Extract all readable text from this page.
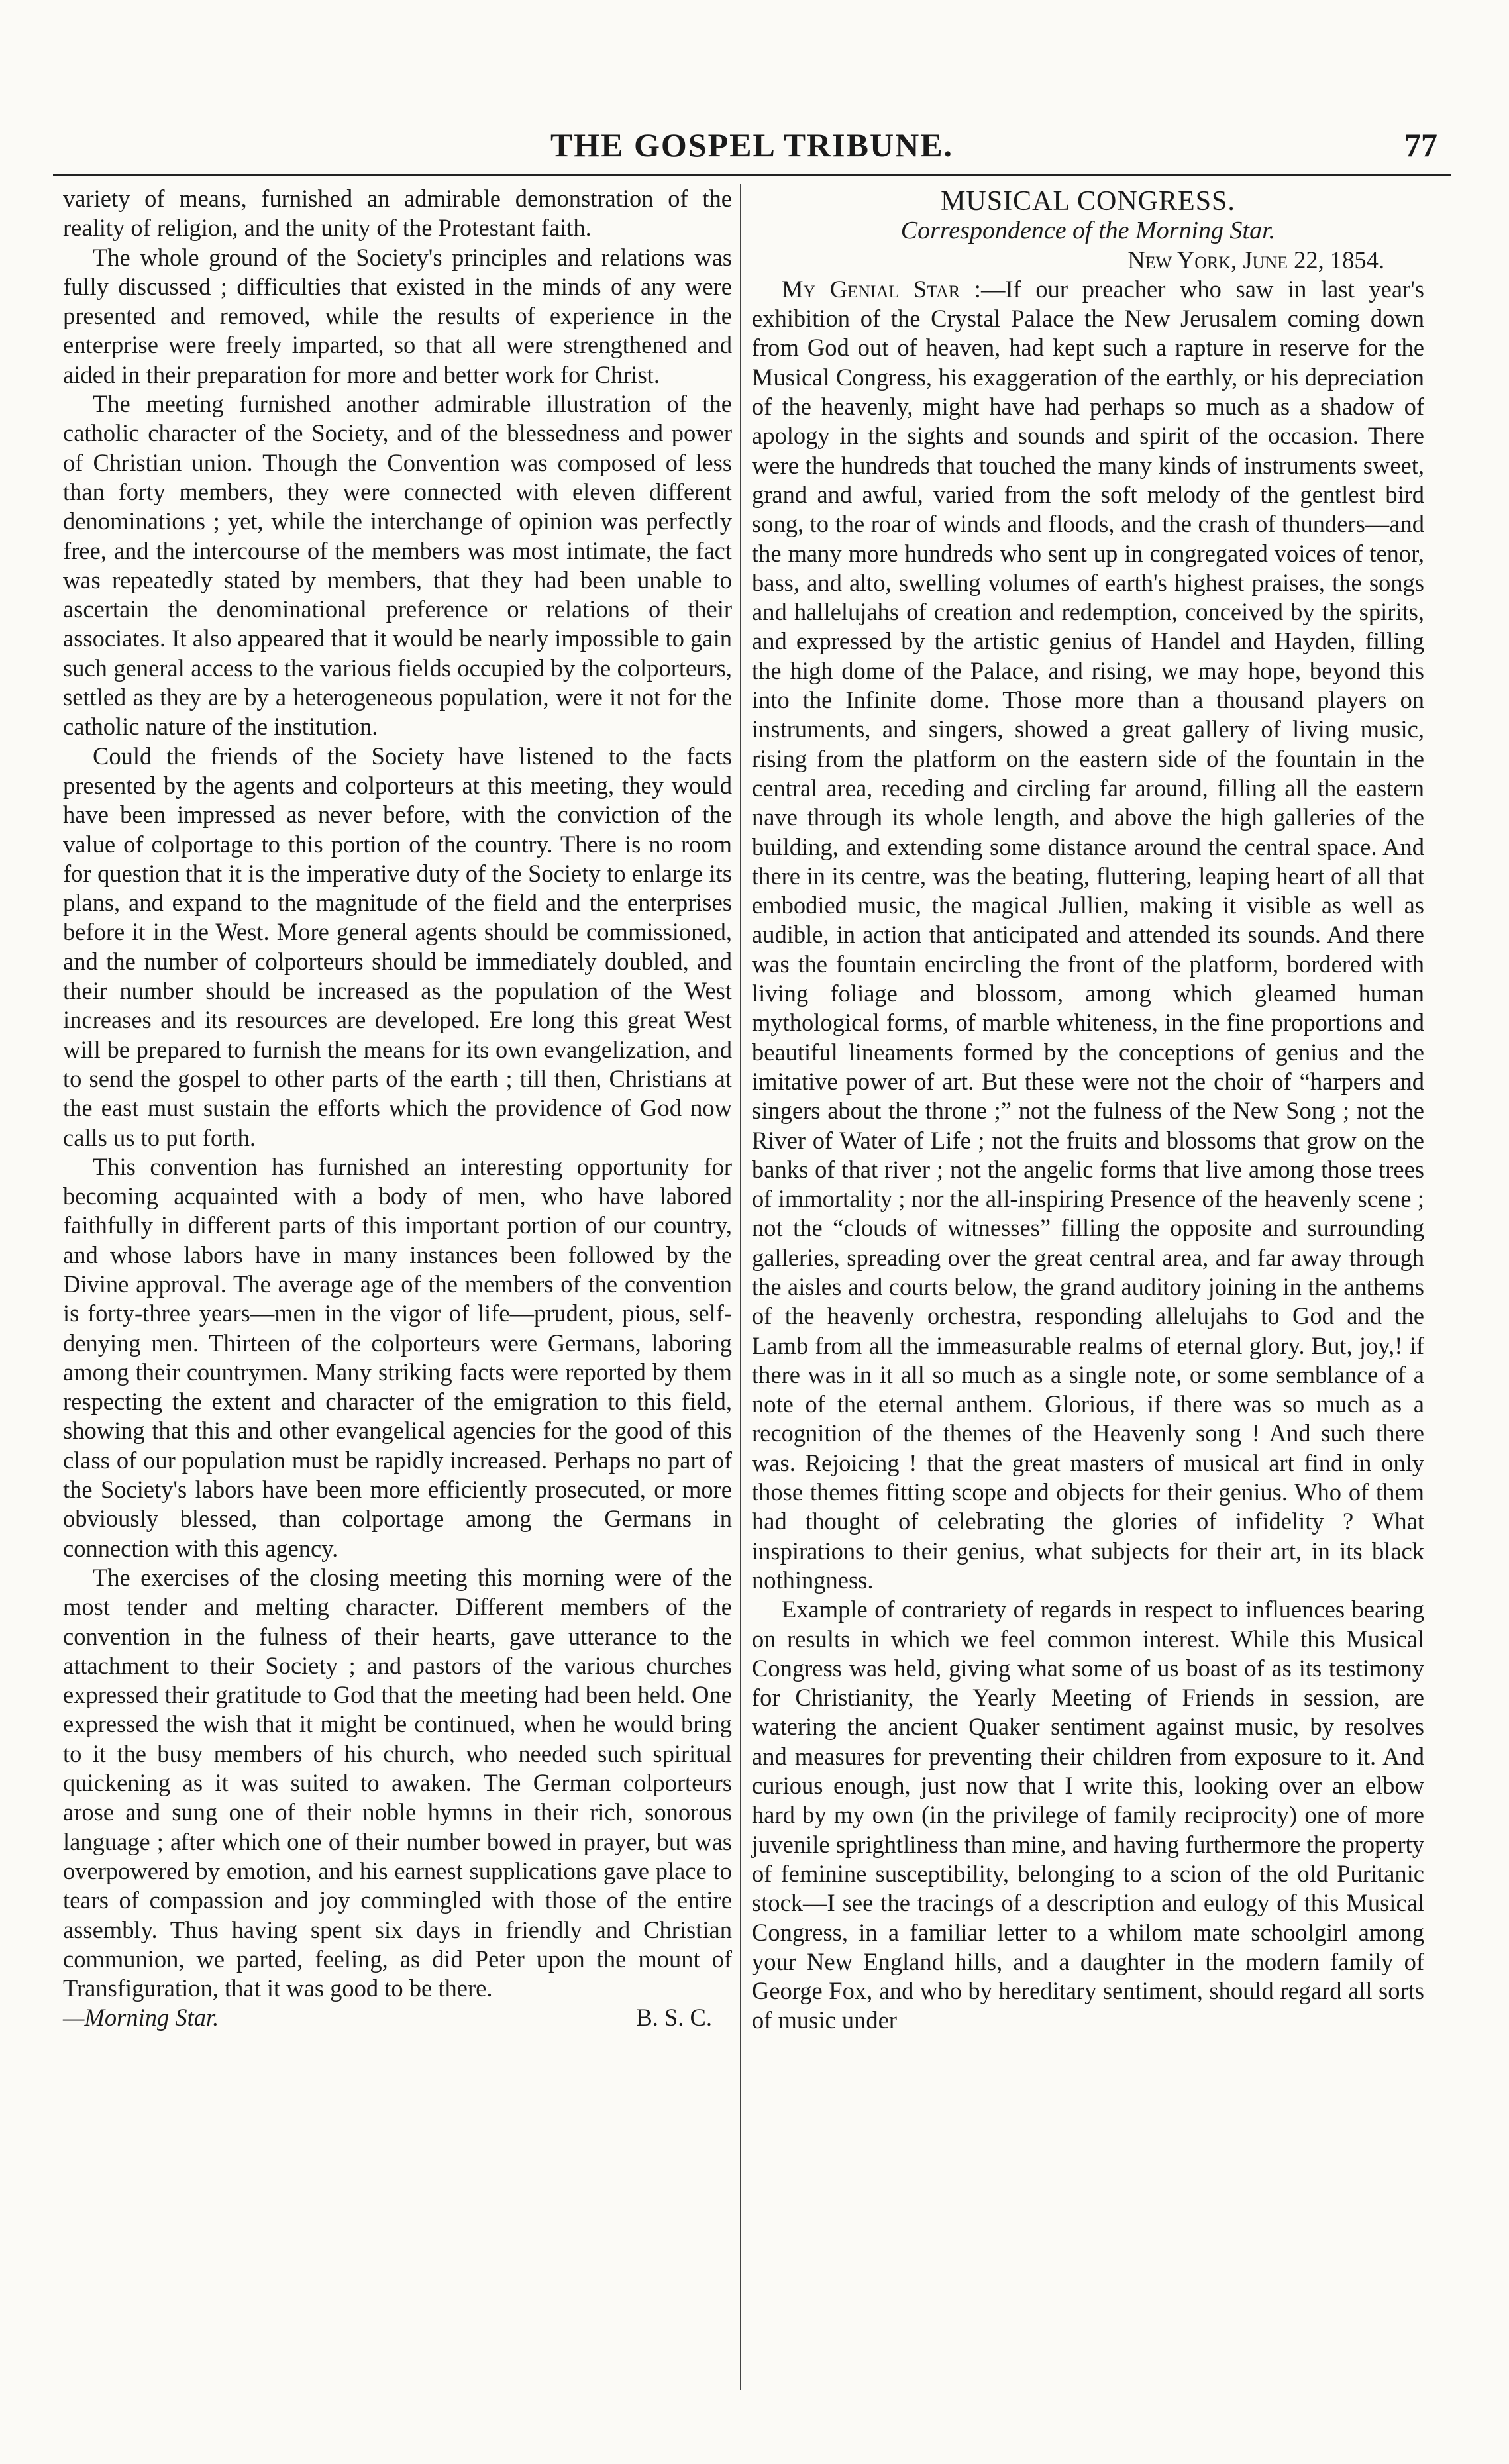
THE GOSPEL TRIBUNE.	77

variety of means, furnished an admirable demonstration of the reality of religion, and the unity of the Protestant faith.

The whole ground of the Society's principles and relations was fully discussed ; difficulties that existed in the minds of any were presented and removed, while the results of experience in the enterprise were freely imparted, so that all were strengthened and aided in their preparation for more and better work for Christ.

The meeting furnished another admirable illustration of the catholic character of the Society, and of the blessedness and power of Christian union. Though the Convention was composed of less than forty members, they were connected with eleven different denominations ; yet, while the interchange of opinion was perfectly free, and the intercourse of the members was most intimate, the fact was repeatedly stated by members, that they had been unable to ascertain the denominational preference or relations of their associates. It also appeared that it would be nearly impossible to gain such general access to the various fields occupied by the colporteurs, settled as they are by a heterogeneous population, were it not for the catholic nature of the institution.

Could the friends of the Society have listened to the facts presented by the agents and colporteurs at this meeting, they would have been impressed as never before, with the conviction of the value of colportage to this portion of the country. There is no room for question that it is the imperative duty of the Society to enlarge its plans, and expand to the magnitude of the field and the enterprises before it in the West. More general agents should be commissioned, and the number of colporteurs should be immediately doubled, and their number should be increased as the population of the West increases and its resources are developed. Ere long this great West will be prepared to furnish the means for its own evangelization, and to send the gospel to other parts of the earth ; till then, Christians at the east must sustain the efforts which the providence of God now calls us to put forth.

This convention has furnished an interesting opportunity for becoming acquainted with a body of men, who have labored faithfully in different parts of this important portion of our country, and whose labors have in many instances been followed by the Divine approval. The average age of the members of the convention is forty-three years—men in the vigor of life—prudent, pious, self-denying men. Thirteen of the colporteurs were Germans, laboring among their countrymen. Many striking facts were reported by them respecting the extent and character of the emigration to this field, showing that this and other evangelical agencies for the good of this class of our population must be rapidly increased. Perhaps no part of the Society's labors have been more efficiently prosecuted, or more obviously blessed, than colportage among the Germans in connection with this agency.

The exercises of the closing meeting this morning were of the most tender and melting character. Different members of the convention in the fulness of their hearts, gave utterance to the attachment to their Society ; and pastors of the various churches expressed their gratitude to God that the meeting had been held. One expressed the wish that it might be continued, when he would bring to it the busy members of his church, who needed such spiritual quickening as it was suited to awaken. The German colporteurs arose and sung one of their noble hymns in their rich, sonorous language ; after which one of their number bowed in prayer, but was overpowered by emotion, and his earnest supplications gave place to tears of compassion and joy commingled with those of the entire assembly. Thus having spent six days in friendly and Christian communion, we parted, feeling, as did Peter upon the mount of Transfiguration, that it was good to be there.

—Morning Star.	B. S. C.

MUSICAL CONGRESS.

Correspondence of the Morning Star.

New York, June 22, 1854.

My Genial Star :—If our preacher who saw in last year's exhibition of the Crystal Palace the New Jerusalem coming down from God out of heaven, had kept such a rapture in reserve for the Musical Congress, his exaggeration of the earthly, or his depreciation of the heavenly, might have had perhaps so much as a shadow of apology in the sights and sounds and spirit of the occasion. There were the hundreds that touched the many kinds of instruments sweet, grand and awful, varied from the soft melody of the gentlest bird song, to the roar of winds and floods, and the crash of thunders—and the many more hundreds who sent up in congregated voices of tenor, bass, and alto, swelling volumes of earth's highest praises, the songs and hallelujahs of creation and redemption, conceived by the spirits, and expressed by the artistic genius of Handel and Hayden, filling the high dome of the Palace, and rising, we may hope, beyond this into the Infinite dome. Those more than a thousand players on instruments, and singers, showed a great gallery of living music, rising from the platform on the eastern side of the fountain in the central area, receding and circling far around, filling all the eastern nave through its whole length, and above the high galleries of the building, and extending some distance around the central space. And there in its centre, was the beating, fluttering, leaping heart of all that embodied music, the magical Jullien, making it visible as well as audible, in action that anticipated and attended its sounds. And there was the fountain encircling the front of the platform, bordered with living foliage and blossom, among which gleamed human mythological forms, of marble whiteness, in the fine proportions and beautiful lineaments formed by the conceptions of genius and the imitative power of art. But these were not the choir of “harpers and singers about the throne ;” not the fulness of the New Song ; not the River of Water of Life ; not the fruits and blossoms that grow on the banks of that river ; not the angelic forms that live among those trees of immortality ; nor the all-inspiring Presence of the heavenly scene ; not the “clouds of witnesses” filling the opposite and surrounding galleries, spreading over the great central area, and far away through the aisles and courts below, the grand auditory joining in the anthems of the heavenly orchestra, responding allelujahs to God and the Lamb from all the immeasurable realms of eternal glory. But, joy,! if there was in it all so much as a single note, or some semblance of a note of the eternal anthem. Glorious, if there was so much as a recognition of the themes of the Heavenly song ! And such there was. Rejoicing ! that the great masters of musical art find in only those themes fitting scope and objects for their genius. Who of them had thought of celebrating the glories of infidelity ? What inspirations to their genius, what subjects for their art, in its black nothingness.

Example of contrariety of regards in respect to influences bearing on results in which we feel common interest. While this Musical Congress was held, giving what some of us boast of as its testimony for Christianity, the Yearly Meeting of Friends in session, are watering the ancient Quaker sentiment against music, by resolves and measures for preventing their children from exposure to it. And curious enough, just now that I write this, looking over an elbow hard by my own (in the privilege of family reciprocity) one of more juvenile sprightliness than mine, and having furthermore the property of feminine susceptibility, belonging to a scion of the old Puritanic stock—I see the tracings of a description and eulogy of this Musical Congress, in a familiar letter to a whilom mate schoolgirl among your New England hills, and a daughter in the modern family of George Fox, and who by hereditary sentiment, should regard all sorts of music under
